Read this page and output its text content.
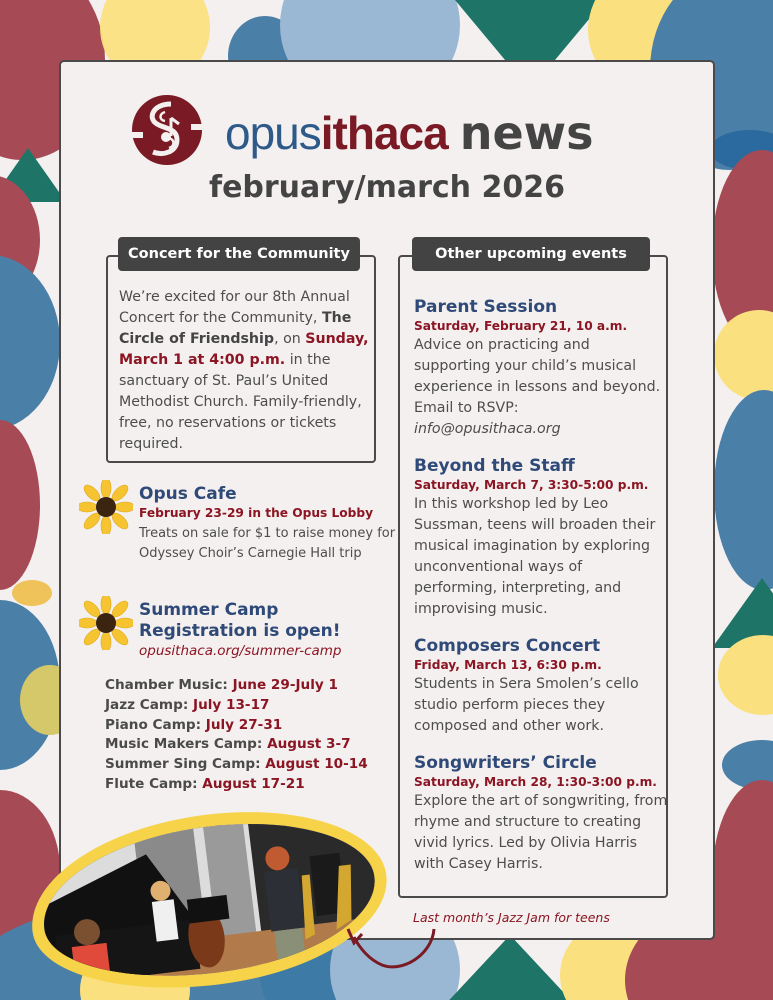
opusithaca news
february/march 2026
Concert for the Community
We’re excited for our 8th Annual Concert for the Community, The Circle of Friendship, on Sunday, March 1 at 4:00 p.m. in the sanctuary of St. Paul’s United Methodist Church. Family-friendly, free, no reservations or tickets required.
Opus Cafe
February 23-29 in the Opus Lobby
Treats on sale for $1 to raise money for Odyssey Choir’s Carnegie Hall trip
Summer Camp Registration is open!
opusithaca.org/summer-camp
Chamber Music: June 29-July 1
Jazz Camp: July 13-17
Piano Camp: July 27-31
Music Makers Camp: August 3-7
Summer Sing Camp: August 10-14
Flute Camp: August 17-21
Other upcoming events
Parent Session
Saturday, February 21, 10 a.m.
Advice on practicing and supporting your child’s musical experience in lessons and beyond. Email to RSVP:
info@opusithaca.org
Beyond the Staff
Saturday, March 7, 3:30-5:00 p.m.
In this workshop led by Leo Sussman, teens will broaden their musical imagination by exploring unconventional ways of performing, interpreting, and improvising music.
Composers Concert
Friday, March 13, 6:30 p.m.
Students in Sera Smolen’s cello studio perform pieces they composed and other work.
Songwriters’ Circle
Saturday, March 28, 1:30-3:00 p.m.
Explore the art of songwriting, from rhyme and structure to creating vivid lyrics. Led by Olivia Harris with Casey Harris.
Last month’s Jazz Jam for teens
